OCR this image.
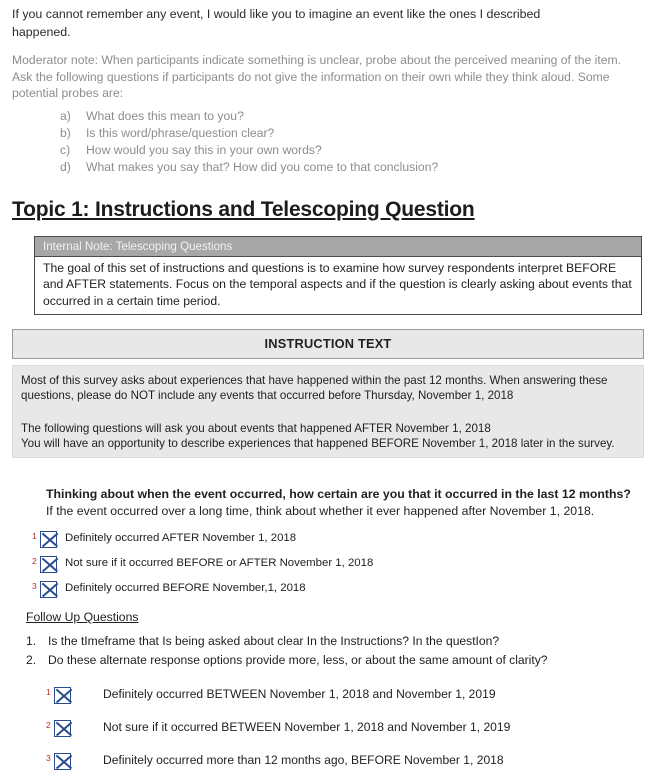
If you cannot remember any event, I would like you to imagine an event like the ones I described

happened.

Moderator note: When participants indicate something is unclear, probe about the perceived meaning of the item. Ask the following questions if participants do not give the information on their own while they think aloud. Some potential probes are:

a)	What does this mean to you?
b)	Is this word/phrase/question clear?
c)	How would you say this in your own words?
d)	What makes you say that? How did you come to that conclusion?
Topic 1: Instructions and Telescoping Question
Internal Note: Telescoping Questions
The goal of this set of instructions and questions is to examine how survey respondents interpret BEFORE and AFTER statements. Focus on the temporal aspects and if the question is clearly asking about events that occurred in a certain time period.
INSTRUCTION TEXT

Most of this survey asks about experiences that have happened within the past 12 months. When answering these questions, please do NOT include any events that occurred before Thursday, November 1, 2018

The following questions will ask you about events that happened AFTER November 1, 2018

You will have an opportunity to describe experiences that happened BEFORE November 1, 2018 later in the survey.

Thinking about when the event occurred, how certain are you that it occurred in the last 12 months? If the event occurred over a long time, think about whether it ever happened after November 1, 2018.
1 Definitely occurred AFTER November 1, 2018
2 Not sure if it occurred BEFORE or AFTER November 1, 2018
3 Definitely occurred BEFORE November,1, 2018
Follow Up Questions
1. Is the tImeframe that Is being asked about clear In the Instructions? In the questIon?
2. Do these alternate response options provide more, less, or about the same amount of clarity?
1	Definitely occurred BETWEEN November 1, 2018 and November 1, 2019
2	Not sure if it occurred BETWEEN November 1, 2018 and November 1, 2019
3	Definitely occurred more than 12 months ago, BEFORE November 1, 2018
